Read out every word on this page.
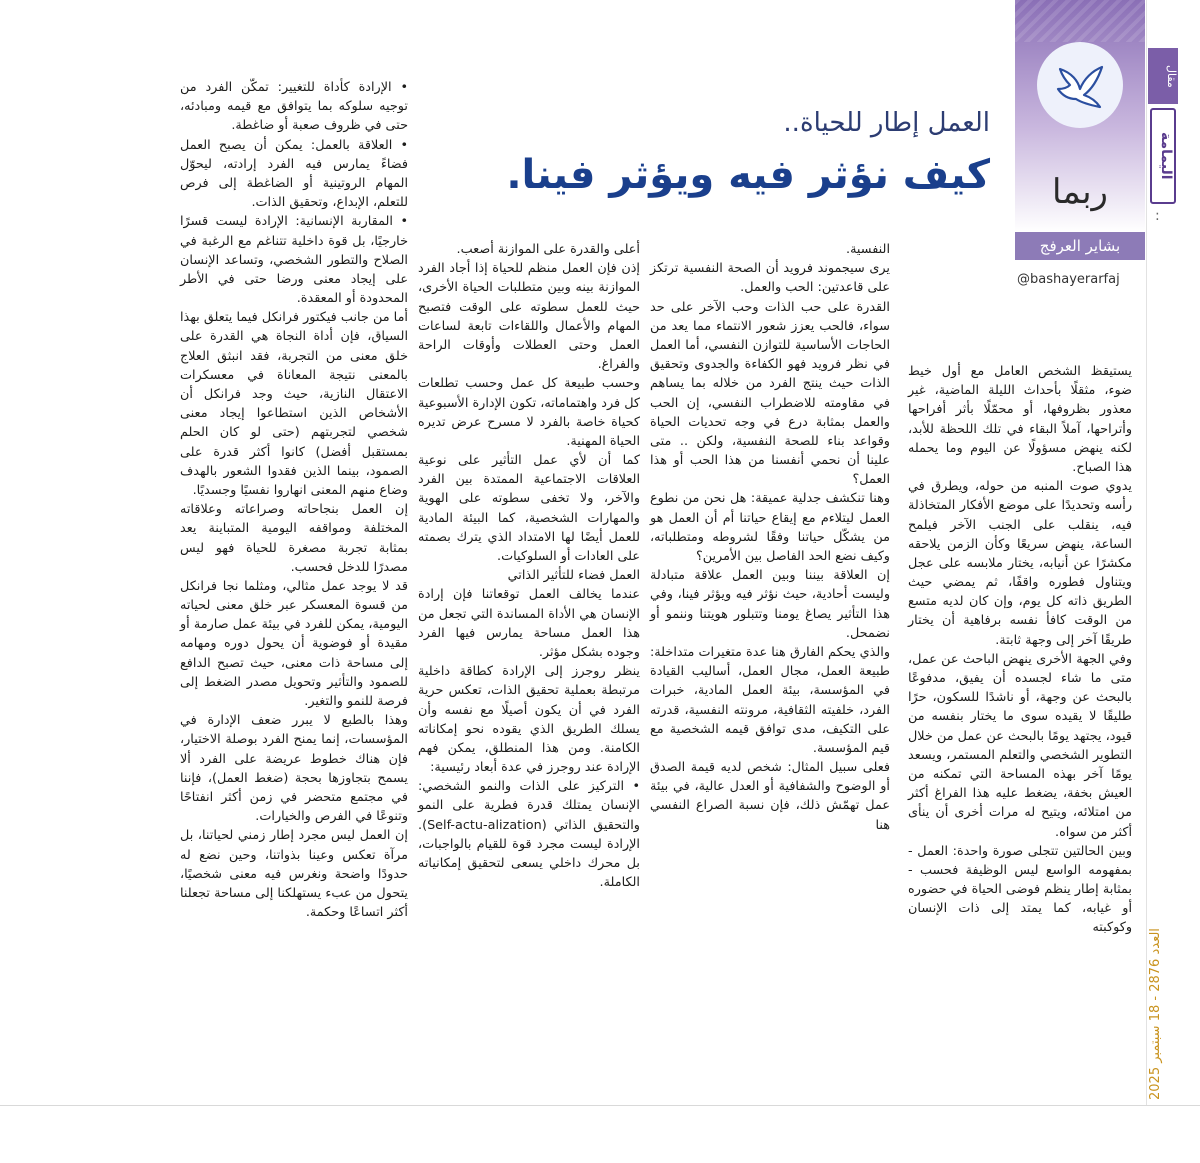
مقال
اليمامة
:
العدد 2876 - 18 سبتمبر 2025
ربما
بشاير العرفج
@bashayerarfaj
العمل إطار للحياة..
كيف نؤثر فيه ويؤثر فينا.

يستيقظ الشخص العامل مع أول خيط ضوء، مثقلًا بأحداث الليلة الماضية، غير معذور بظروفها، أو محمّلًا بأثر أفراحها وأتراحها، آملاً البقاء في تلك اللحظة للأبد، لكنه ينهض مسؤولًا عن اليوم وما يحمله هذا الصباح.

يدوي صوت المنبه من حوله، ويطرق في رأسه وتحديدًا على موضع الأفكار المتخاذلة فيه، ينقلب على الجنب الآخر فيلمح الساعة، ينهض سريعًا وكأن الزمن يلاحقه مكشرًا عن أنيابه، يختار ملابسه على عجل ويتناول فطوره واقفًا، ثم يمضي حيث الطريق ذاته كل يوم، وإن كان لديه متسع من الوقت كافأ نفسه برفاهية أن يختار طريقًا آخر إلى وجهة ثابتة.

وفي الجهة الأخرى ينهض الباحث عن عمل، متى ما شاء لجسده أن يفيق، مدفوعًا بالبحث عن وجهة، أو ناشدًا للسكون، حرًا طليقًا لا يقيده سوى ما يختار بنفسه من قيود، يجتهد يومًا بالبحث عن عمل من خلال التطوير الشخصي والتعلم المستمر، ويسعد يومًا آخر بهذه المساحة التي تمكنه من العيش بخفة، يضغط عليه هذا الفراغ أكثر من امتلائه، ويتيح له مرات أخرى أن ينأى أكثر من سواه.

وبين الحالتين تتجلى صورة واحدة: العمل - بمفهومه الواسع ليس الوظيفة فحسب - بمثابة إطار ينظم فوضى الحياة في حضوره أو غيابه، كما يمتد إلى ذات الإنسان وكوكبته

النفسية.

يرى سيجموند فرويد أن الصحة النفسية ترتكز على قاعدتين: الحب والعمل.

القدرة على حب الذات وحب الآخر على حد سواء، فالحب يعزز شعور الانتماء مما يعد من الحاجات الأساسية للتوازن النفسي، أما العمل في نظر فرويد فهو الكفاءة والجدوى وتحقيق الذات حيث ينتج الفرد من خلاله بما يساهم في مقاومته للاضطراب النفسي، إن الحب والعمل بمثابة درع في وجه تحديات الحياة وقواعد بناء للصحة النفسية، ولكن .. متى علينا أن نحمي أنفسنا من هذا الحب أو هذا العمل؟

وهنا تنكشف جدلية عميقة: هل نحن من نطوع العمل ليتلاءم مع إيقاع حياتنا أم أن العمل هو من يشكّل حياتنا وفقًا لشروطه ومتطلباته، وكيف نضع الحد الفاصل بين الأمرين؟

إن العلاقة بيننا وبين العمل علاقة متبادلة وليست أحادية، حيث نؤثر فيه ويؤثر فينا، وفي هذا التأثير يصاغ يومنا وتتبلور هويتنا وننمو أو نضمحل.

والذي يحكم الفارق هنا عدة متغيرات متداخلة: طبيعة العمل، مجال العمل، أساليب القيادة في المؤسسة، بيئة العمل المادية، خبرات الفرد، خلفيته الثقافية، مرونته النفسية، قدرته على التكيف، مدى توافق قيمه الشخصية مع قيم المؤسسة.

فعلى سبيل المثال: شخص لديه قيمة الصدق أو الوضوح والشفافية أو العدل عالية، في بيئة عمل تهمّش ذلك، فإن نسبة الصراع النفسي هنا

أعلى والقدرة على الموازنة أصعب.

إذن فإن العمل منظم للحياة إذا أجاد الفرد الموازنة بينه وبين متطلبات الحياة الأخرى، حيث للعمل سطوته على الوقت فتصبح المهام والأعمال واللقاءات تابعة لساعات العمل وحتى العطلات وأوقات الراحة والفراغ.

وحسب طبيعة كل عمل وحسب تطلعات كل فرد واهتماماته، تكون الإدارة الأسبوعية كحياة خاصة بالفرد لا مسرح عرض تديره الحياة المهنية.

كما أن لأي عمل التأثير على نوعية العلاقات الاجتماعية الممتدة بين الفرد والآخر، ولا تخفى سطوته على الهوية والمهارات الشخصية، كما البيئة المادية للعمل أيضًا لها الامتداد الذي يترك بصمته على العادات أو السلوكيات.

العمل فضاء للتأثير الذاتي

عندما يخالف العمل توقعاتنا فإن إرادة الإنسان هي الأداة المساندة التي تجعل من هذا العمل مساحة يمارس فيها الفرد وجوده بشكل مؤثر.

ينظر روجرز إلى الإرادة كطاقة داخلية مرتبطة بعملية تحقيق الذات، تعكس حرية الفرد في أن يكون أصيلًا مع نفسه وأن يسلك الطريق الذي يقوده نحو إمكاناته الكامنة. ومن هذا المنطلق، يمكن فهم الإرادة عند روجرز في عدة أبعاد رئيسية:

• التركيز على الذات والنمو الشخصي: الإنسان يمتلك قدرة فطرية على النمو والتحقيق الذاتي (Self-actu-alization). الإرادة ليست مجرد قوة للقيام بالواجبات، بل محرك داخلي يسعى لتحقيق إمكانياته الكاملة.

• الإرادة كأداة للتغيير: تمكّن الفرد من توجيه سلوكه بما يتوافق مع قيمه ومبادئه، حتى في ظروف صعبة أو ضاغطة.

• العلاقة بالعمل: يمكن أن يصبح العمل فضاءً يمارس فيه الفرد إرادته، ليحوّل المهام الروتينية أو الضاغطة إلى فرص للتعلم، الإبداع، وتحقيق الذات.

• المقاربة الإنسانية: الإرادة ليست قسرًا خارجيًا، بل قوة داخلية تتناغم مع الرغبة في الصلاح والتطور الشخصي، وتساعد الإنسان على إيجاد معنى ورضا حتى في الأطر المحدودة أو المعقدة.

أما من جانب فيكتور فرانكل فيما يتعلق بهذا السياق، فإن أداة النجاة هي القدرة على خلق معنى من التجربة، فقد انبثق العلاج بالمعنى نتيجة المعاناة في معسكرات الاعتقال النازية، حيث وجد فرانكل أن الأشخاص الذين استطاعوا إيجاد معنى شخصي لتجربتهم (حتى لو كان الحلم بمستقبل أفضل) كانوا أكثر قدرة على الصمود، بينما الذين فقدوا الشعور بالهدف وضاع منهم المعنى انهاروا نفسيًا وجسديًا.

إن العمل بنجاحاته وصراعاته وعلاقاته المختلفة ومواقفه اليومية المتباينة يعد بمثابة تجربة مصغرة للحياة فهو ليس مصدرًا للدخل فحسب.

قد لا يوجد عمل مثالي، ومثلما نجا فرانكل من قسوة المعسكر عبر خلق معنى لحياته اليومية، يمكن للفرد في بيئة عمل صارمة أو مقيدة أو فوضوية أن يحول دوره ومهامه إلى مساحة ذات معنى، حيث تصبح الدافع للصمود والتأثير وتحويل مصدر الضغط إلى فرصة للنمو والتغير.

وهذا بالطبع لا يبرر ضعف الإدارة في المؤسسات، إنما يمنح الفرد بوصلة الاختيار، فإن هناك خطوط عريضة على الفرد ألا يسمح بتجاوزها بحجة (ضغط العمل)، فإننا في مجتمع متحضر في زمن أكثر انفتاحًا وتنوعًا في الفرص والخيارات.

إن العمل ليس مجرد إطار زمني لحياتنا، بل مرآة تعكس وعينا بذواتنا، وحين نضع له حدودًا واضحة ونغرس فيه معنى شخصيًا، يتحول من عبء يستهلكنا إلى مساحة تجعلنا أكثر اتساعًا وحكمة.
